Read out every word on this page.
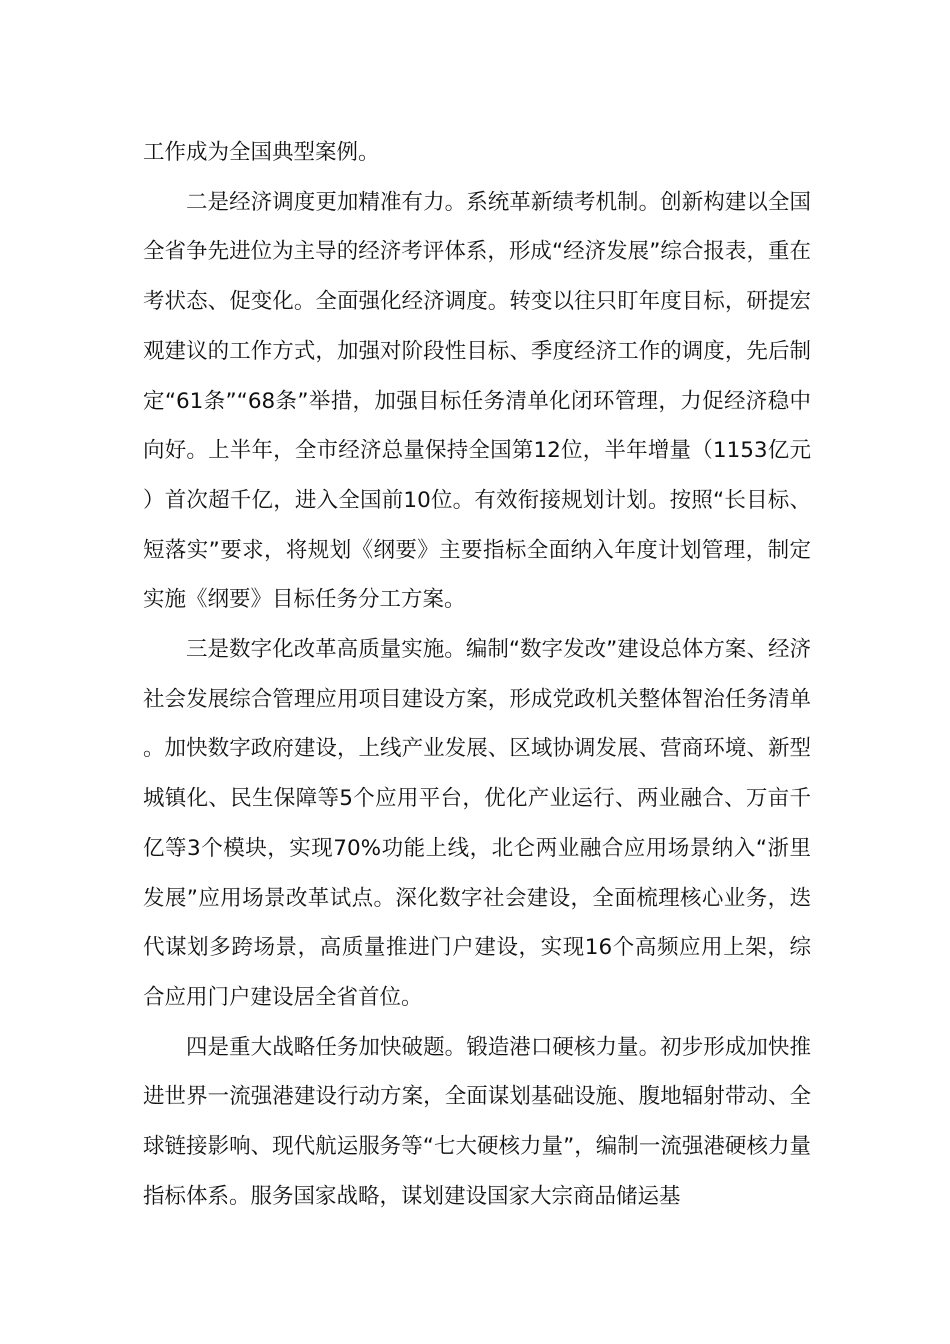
工作成为全国典型案例。

二是经济调度更加精准有力。系统革新绩考机制。创新构建以全国全省争先进位为主导的经济考评体系，形成“经济发展”综合报表，重在考状态、促变化。全面强化经济调度。转变以往只盯年度目标，研提宏观建议的工作方式，加强对阶段性目标、季度经济工作的调度，先后制定“61条”“68条”举措，加强目标任务清单化闭环管理，力促经济稳中向好。上半年，全市经济总量保持全国第12位，半年增量（1153亿元）首次超千亿，进入全国前10位。有效衔接规划计划。按照“长目标、短落实”要求，将规划《纲要》主要指标全面纳入年度计划管理，制定实施《纲要》目标任务分工方案。

三是数字化改革高质量实施。编制“数字发改”建设总体方案、经济社会发展综合管理应用项目建设方案，形成党政机关整体智治任务清单。加快数字政府建设，上线产业发展、区域协调发展、营商环境、新型城镇化、民生保障等5个应用平台，优化产业运行、两业融合、万亩千亿等3个模块，实现70%功能上线，北仑两业融合应用场景纳入“浙里发展”应用场景改革试点。深化数字社会建设，全面梳理核心业务，迭代谋划多跨场景，高质量推进门户建设，实现16个高频应用上架，综合应用门户建设居全省首位。

四是重大战略任务加快破题。锻造港口硬核力量。初步形成加快推进世界一流强港建设行动方案，全面谋划基础设施、腹地辐射带动、全球链接影响、现代航运服务等“七大硬核力量”，编制一流强港硬核力量指标体系。服务国家战略，谋划建设国家大宗商品储运基
